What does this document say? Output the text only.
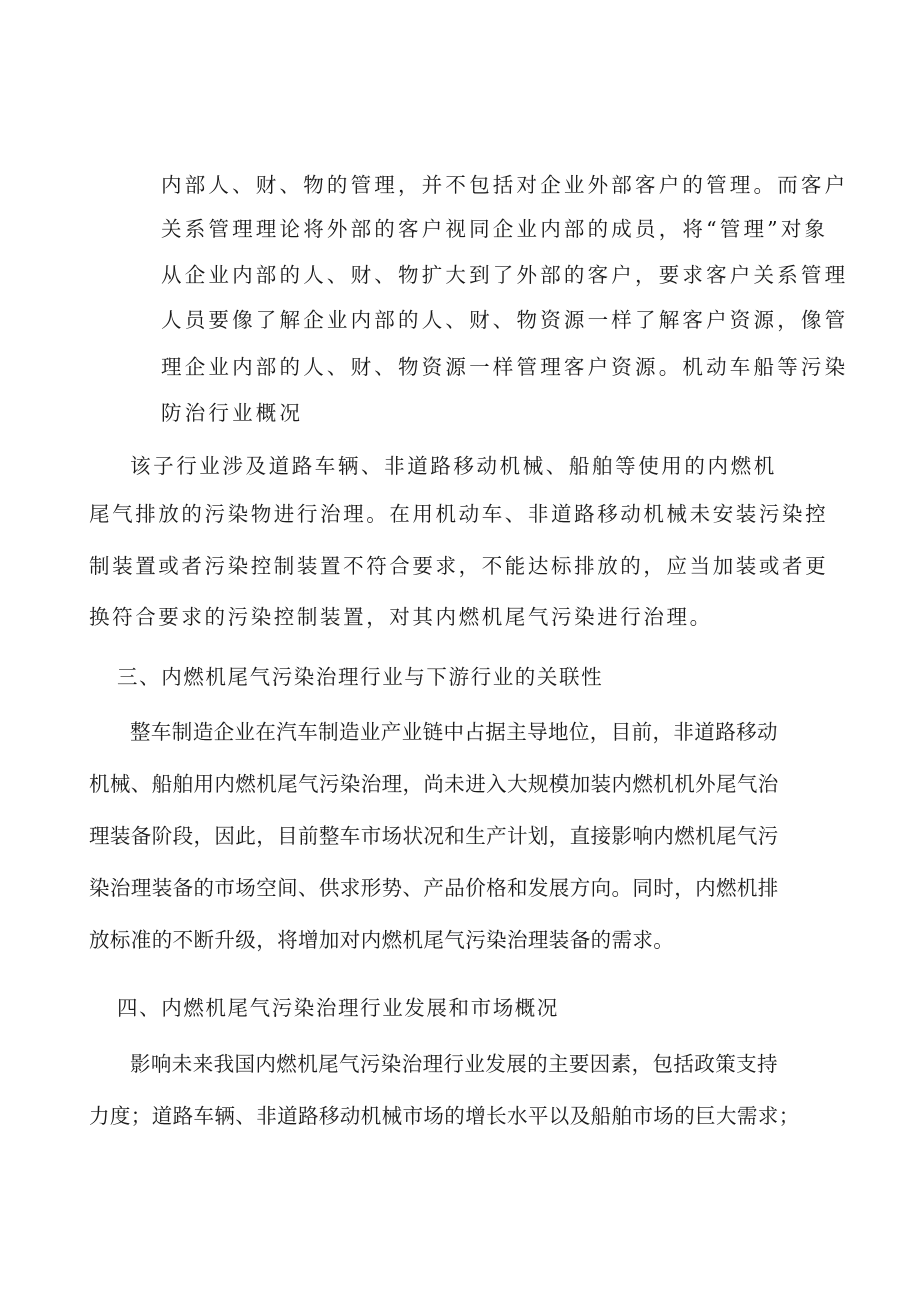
内部人、财、物的管理，并不包括对企业外部客户的管理。而客户
关系管理理论将外部的客户视同企业内部的成员，将“管理”对象
从企业内部的人、财、物扩大到了外部的客户，要求客户关系管理
人员要像了解企业内部的人、财、物资源一样了解客户资源，像管
理企业内部的人、财、物资源一样管理客户资源。机动车船等污染
防治行业概况
该子行业涉及道路车辆、非道路移动机械、船舶等使用的内燃机
尾气排放的污染物进行治理。在用机动车、非道路移动机械未安装污染控
制装置或者污染控制装置不符合要求，不能达标排放的，应当加装或者更
换符合要求的污染控制装置，对其内燃机尾气污染进行治理。
三、内燃机尾气污染治理行业与下游行业的关联性
整车制造企业在汽车制造业产业链中占据主导地位，目前，非道路移动
机械、船舶用内燃机尾气污染治理，尚未进入大规模加装内燃机机外尾气治
理装备阶段，因此，目前整车市场状况和生产计划，直接影响内燃机尾气污
染治理装备的市场空间、供求形势、产品价格和发展方向。同时，内燃机排
放标准的不断升级，将增加对内燃机尾气污染治理装备的需求。
四、内燃机尾气污染治理行业发展和市场概况
影响未来我国内燃机尾气污染治理行业发展的主要因素，包括政策支持
力度；道路车辆、非道路移动机械市场的增长水平以及船舶市场的巨大需求；
